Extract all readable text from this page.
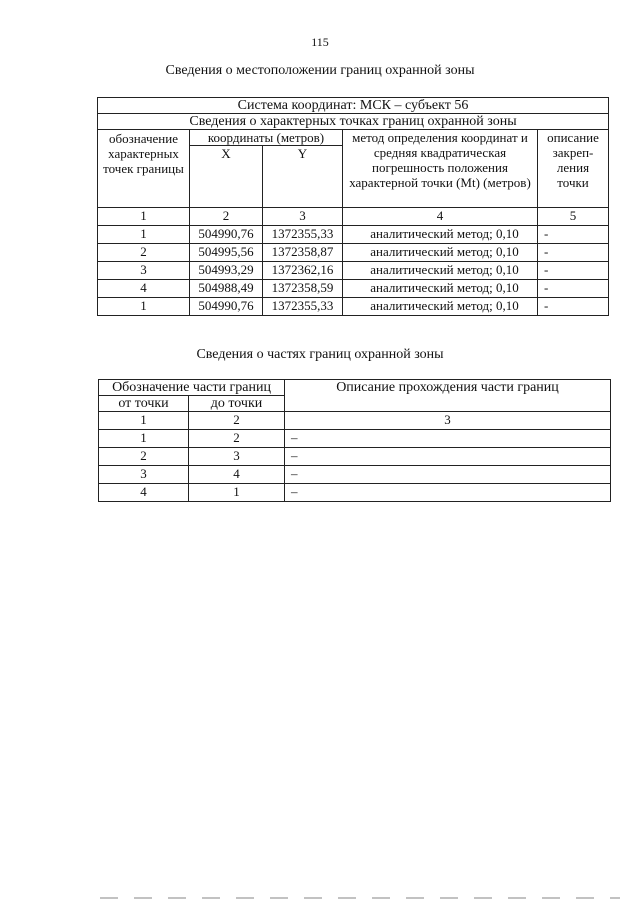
115
Сведения о местоположении границ охранной зоны
Система координат: МСК – субъект 56				
Сведения о характерных точках границ охранной зоны				
обозначение характерных точек границы	координаты (метров)		метод определения координат и средняя квадратическая погрешность положения характерной точки (Mt) (метров)	описание закреп-ления точки
	X	Y		
1	2	3	4	5
1	504990,76	1372355,33	аналитический метод; 0,10	-
2	504995,56	1372358,87	аналитический метод; 0,10	-
3	504993,29	1372362,16	аналитический метод; 0,10	-
4	504988,49	1372358,59	аналитический метод; 0,10	-
1	504990,76	1372355,33	аналитический метод; 0,10	-
Сведения о частях границ охранной зоны
Обозначение части границ		Описание прохождения части границ
от точки	до точки	
1	2	3
1	2	–
2	3	–
3	4	–
4	1	–
